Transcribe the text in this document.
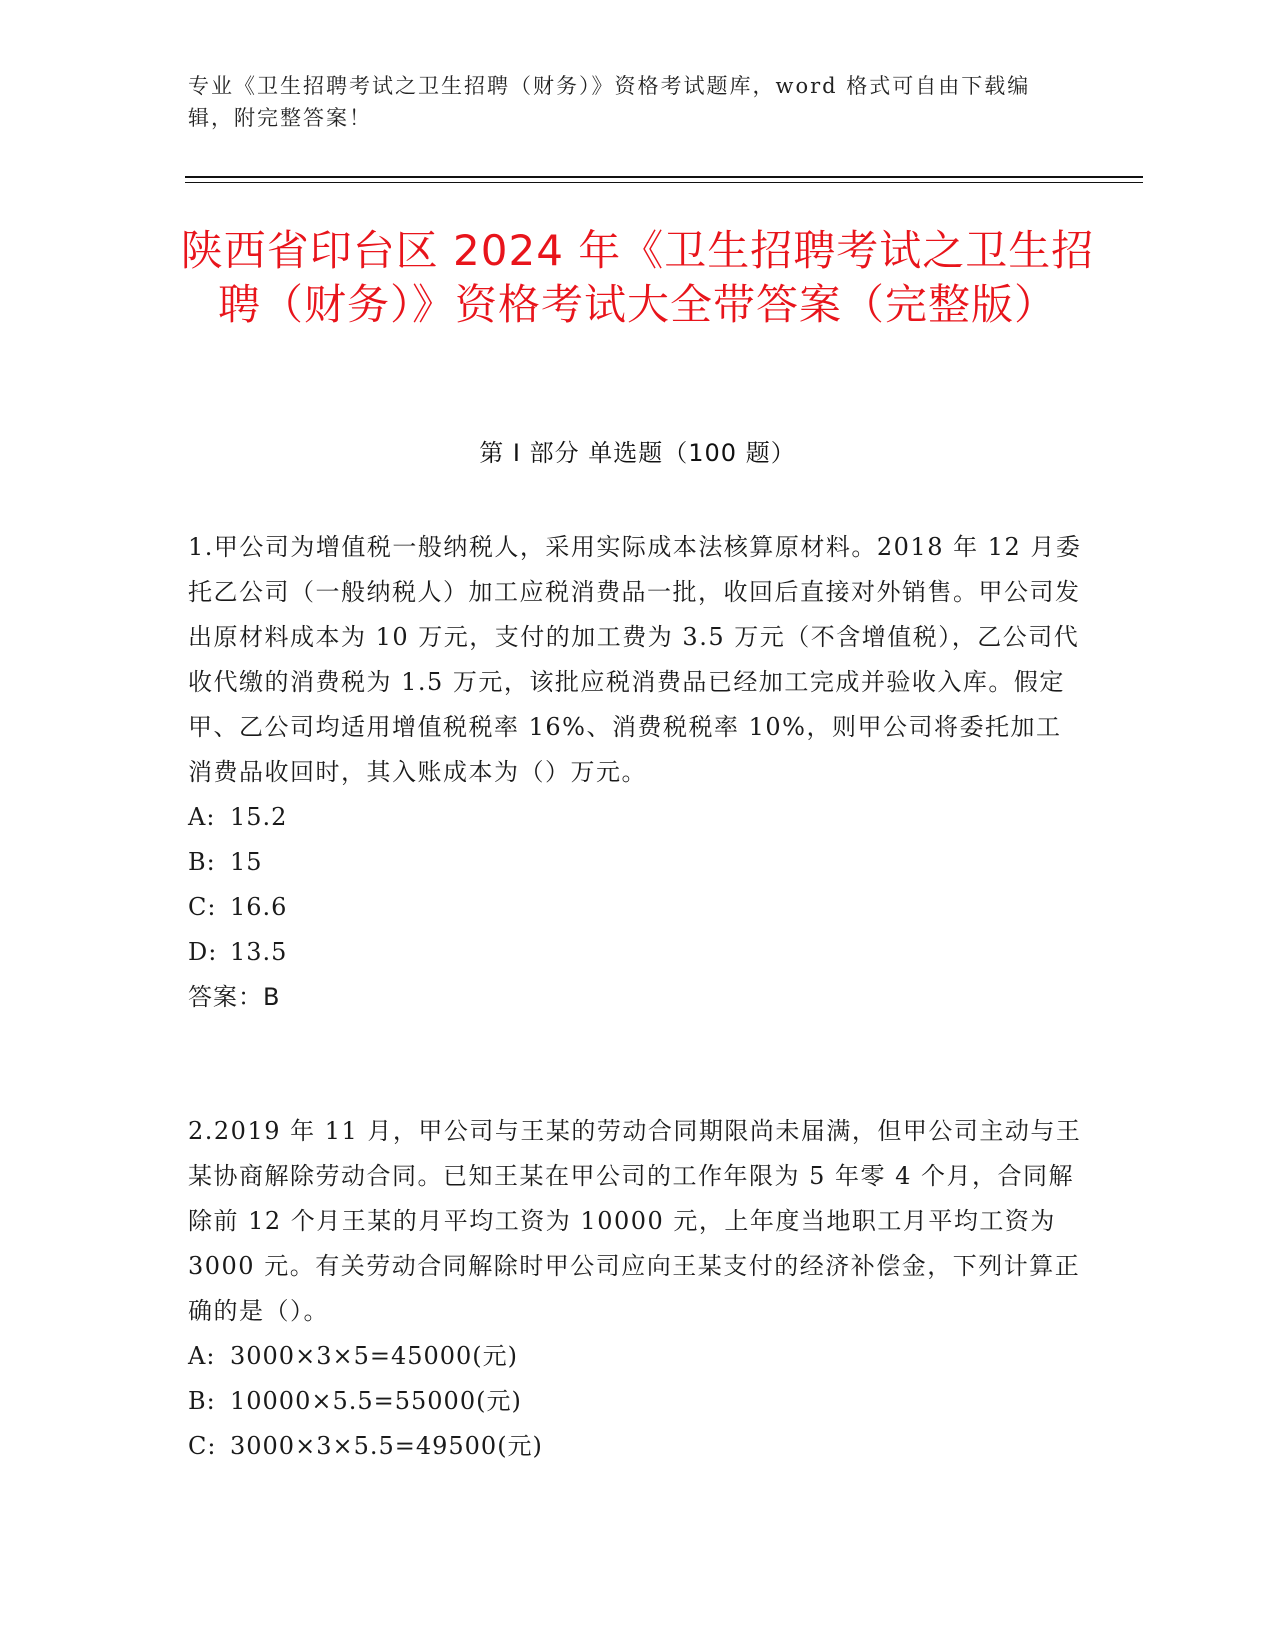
专业《卫生招聘考试之卫生招聘（财务）》资格考试题库，word 格式可自由下载编辑，附完整答案！
陕西省印台区 2024 年《卫生招聘考试之卫生招聘（财务）》资格考试大全带答案（完整版）
第 I 部分 单选题（100 题）

1.甲公司为增值税一般纳税人，采用实际成本法核算原材料。2018 年 12 月委托乙公司（一般纳税人）加工应税消费品一批，收回后直接对外销售。甲公司发出原材料成本为 10 万元，支付的加工费为 3.5 万元（不含增值税），乙公司代收代缴的消费税为 1.5 万元，该批应税消费品已经加工完成并验收入库。假定甲、乙公司均适用增值税税率 16%、消费税税率 10%，则甲公司将委托加工消费品收回时，其入账成本为（）万元。

A: 15.2
B: 15
C: 16.6
D: 13.5
答案：B

2.2019 年 11 月，甲公司与王某的劳动合同期限尚未届满，但甲公司主动与王某协商解除劳动合同。已知王某在甲公司的工作年限为 5 年零 4 个月，合同解除前 12 个月王某的月平均工资为 10000 元，上年度当地职工月平均工资为 3000 元。有关劳动合同解除时甲公司应向王某支付的经济补偿金，下列计算正确的是（）。

A: 3000×3×5=45000(元)
B: 10000×5.5=55000(元)
C: 3000×3×5.5=49500(元)
